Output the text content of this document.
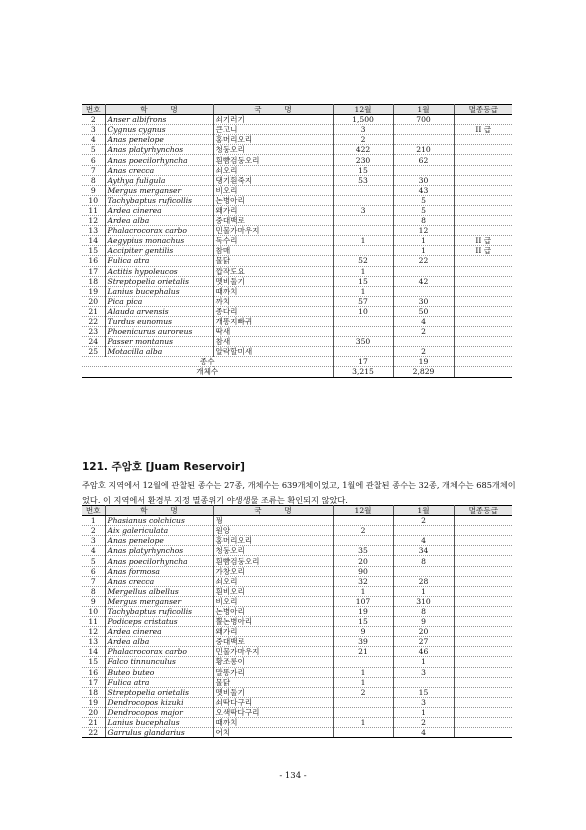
번호	학　　　명	국　　　명	12월	1월	멸종등급
2	Anser albifrons	쇠기러기	1,500	700	
3	Cygnus cygnus	큰고니	3		II 급
4	Anas penelope	홍머리오리	2		
5	Anas platyrhynchos	청둥오리	422	210	
6	Anas poecilorhyncha	흰뺨검둥오리	230	62	
7	Anas crecca	쇠오리	15		
8	Aythya fuligula	댕기흰죽지	53	30	
9	Mergus merganser	비오리		43	
10	Tachybaptus ruficollis	논병아리		5	
11	Ardea cinerea	왜가리	3	5	
12	Ardea alba	중대백로		8	
13	Phalacrocorax carbo	민물가마우지		12	
14	Aegypius monachus	독수리	1	1	II 급
15	Accipiter gentilis	참매		1	II 급
16	Fulica atra	물닭	52	22	
17	Actitis hypoleucos	깝작도요	1		
18	Streptopelia orietalis	멧비둘기	15	42	
19	Lanius bucephalus	때까치	1		
20	Pica pica	까치	57	30	
21	Alauda arvensis	종다리	10	50	
22	Turdus eunomus	개똥지빠귀		4	
23	Phoenicurus auroreus	딱새		2	
24	Passer montanus	참새	350		
25	Motacilla alba	알락할미새		2	
종수			17	19	
개체수			3,215	2,829	
121. 주암호 [Juam Reservoir]
주암호 지역에서 12월에 관찰된 종수는 27종, 개체수는 639개체이었고, 1월에 관찰된 종수는 32종, 개체수는 685개체이었다. 이 지역에서 환경부 지정 멸종위기 야생생물 조류는 확인되지 않았다.
번호	학　　　명	국　　　명	12월	1월	멸종등급
1	Phasianus colchicus	꿩		2	
2	Aix galericulata	원앙	2		
3	Anas penelope	홍머리오리		4	
4	Anas platyrhynchos	청둥오리	35	34	
5	Anas poecilorhyncha	흰뺨검둥오리	20	8	
6	Anas formosa	가창오리	90		
7	Anas crecca	쇠오리	32	28	
8	Mergellus albellus	흰비오리	1	1	
9	Mergus merganser	비오리	107	310	
10	Tachybaptus ruficollis	논병아리	19	8	
11	Podiceps cristatus	뿔논병아리	15	9	
12	Ardea cinerea	왜가리	9	20	
13	Ardea alba	중대백로	39	27	
14	Phalacrocorax carbo	민물가마우지	21	46	
15	Falco tinnunculus	황조롱이		1	
16	Buteo buteo	말똥가리	1	3	
17	Fulica atra	물닭	1		
18	Streptopelia orietalis	멧비둘기	2	15	
19	Dendrocopos kizuki	쇠딱다구리		3	
20	Dendrocopos major	오색딱다구리		1	
21	Lanius bucephalus	때까치	1	2	
22	Garrulus glandarius	어치		4	
- 134 -
